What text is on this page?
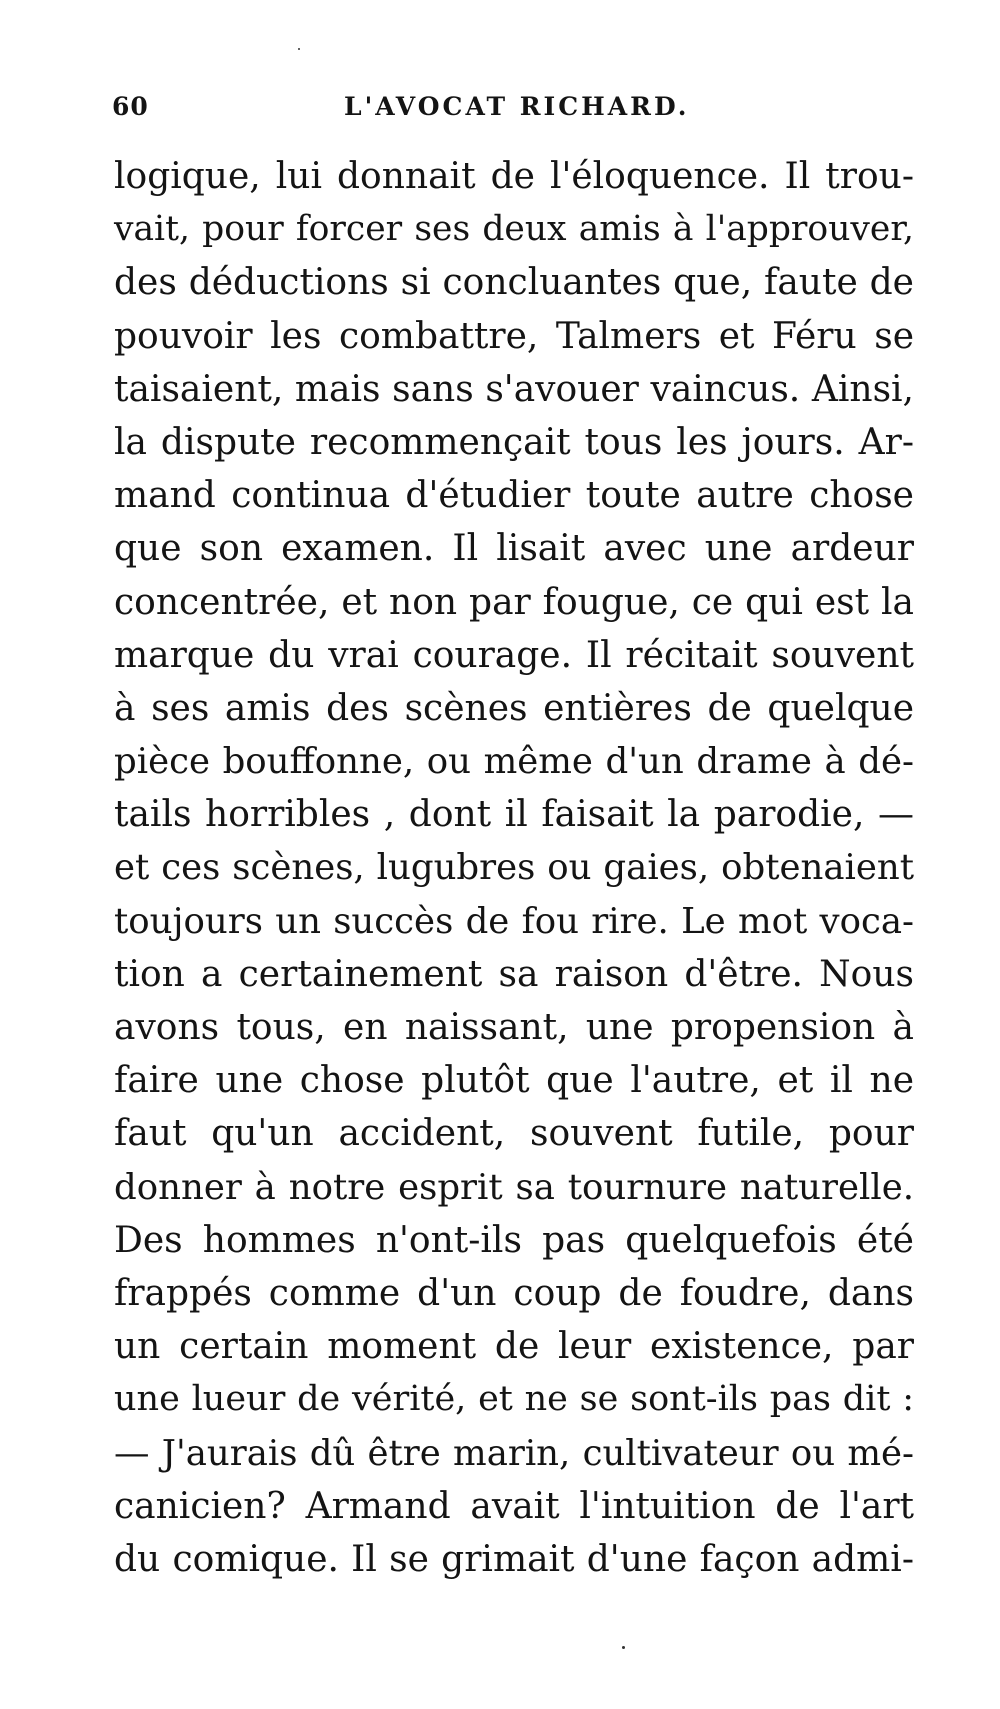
60	L'AVOCAT RICHARD.
logique, lui donnait de l'éloquence. Il trou-
vait, pour forcer ses deux amis à l'approuver,
des déductions si concluantes que, faute de
pouvoir les combattre, Talmers et Féru se
taisaient, mais sans s'avouer vaincus. Ainsi,
la dispute recommençait tous les jours. Ar-
mand continua d'étudier toute autre chose
que son examen. Il lisait avec une ardeur
concentrée, et non par fougue, ce qui est la
marque du vrai courage. Il récitait souvent
à ses amis des scènes entières de quelque
pièce bouffonne, ou même d'un drame à dé-
tails horribles , dont il faisait la parodie, —
et ces scènes, lugubres ou gaies, obtenaient
toujours un succès de fou rire. Le mot voca-
tion a certainement sa raison d'être. Nous
avons tous, en naissant, une propension à
faire une chose plutôt que l'autre, et il ne
faut qu'un accident, souvent futile, pour
donner à notre esprit sa tournure naturelle.
Des hommes n'ont-ils pas quelquefois été
frappés comme d'un coup de foudre, dans
un certain moment de leur existence, par
une lueur de vérité, et ne se sont-ils pas dit :
— J'aurais dû être marin, cultivateur ou mé-
canicien? Armand avait l'intuition de l'art
du comique. Il se grimait d'une façon admi-
